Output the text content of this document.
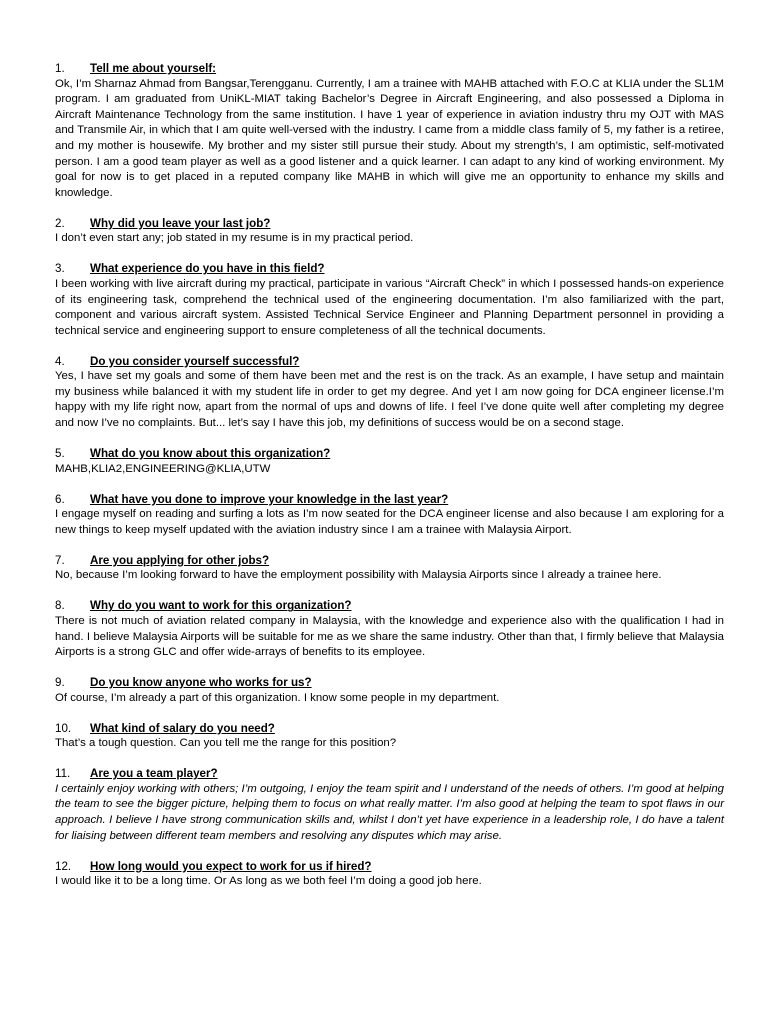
1.	Tell me about yourself:
Ok, I’m Sharnaz Ahmad from Bangsar,Terengganu. Currently, I am a trainee with MAHB attached with F.O.C at KLIA under the SL1M program. I am graduated from UniKL-MIAT taking Bachelor’s Degree in Aircraft Engineering, and also possessed a Diploma in Aircraft Maintenance Technology from the same institution. I have 1 year of experience in aviation industry thru my OJT with MAS and Transmile Air, in which that I am quite well-versed with the industry. I came from a middle class family of 5, my father is a retiree, and my mother is housewife. My brother and my sister still pursue their study. About my strength’s, I am optimistic, self-motivated person. I am a good team player as well as a good listener and a quick learner. I can adapt to any kind of working environment. My goal for now is to get placed in a reputed company like MAHB in which will give me an opportunity to enhance my skills and knowledge.
2.	Why did you leave your last job?
I don’t even start any; job stated in my resume is in my practical period.
3.	What experience do you have in this field?
I been working with live aircraft during my practical, participate in various “Aircraft Check” in which I possessed hands-on experience of its engineering task, comprehend the technical used of the engineering documentation. I’m also familiarized with the part, component and various aircraft system. Assisted Technical Service Engineer and Planning Department personnel in providing a technical service and engineering support to ensure completeness of all the technical documents.
4.	Do you consider yourself successful?
Yes, I have set my goals and some of them have been met and the rest is on the track. As an example, I have setup and maintain my business while balanced it with my student life in order to get my degree. And yet I am now going for DCA engineer license.I’m happy with my life right now, apart from the normal of ups and downs of life. I feel I’ve done quite well after completing my degree and now I’ve no complaints. But... let’s say I have this job, my definitions of success would be on a second stage.
5.	What do you know about this organization?
MAHB,KLIA2,ENGINEERING@KLIA,UTW
6.	What have you done to improve your knowledge in the last year?
I engage myself on reading and surfing a lots as I’m now seated for the DCA engineer license and also because I am exploring for a new things to keep myself updated with the aviation industry since I am a trainee with Malaysia Airport.
7.	Are you applying for other jobs?
No, because I’m looking forward to have the employment possibility with Malaysia Airports since I already a trainee here.
8.	Why do you want to work for this organization?
There is not much of aviation related company in Malaysia, with the knowledge and experience also with the qualification I had in hand. I believe Malaysia Airports will be suitable for me as we share the same industry. Other than that, I firmly believe that Malaysia Airports is a strong GLC and offer wide-arrays of benefits to its employee.
9.	Do you know anyone who works for us?
Of course, I’m already a part of this organization. I know some people in my department.
10.	What kind of salary do you need?
That’s a tough question. Can you tell me the range for this position?
11.	Are you a team player?
I certainly enjoy working with others; I’m outgoing, I enjoy the team spirit and I understand of the needs of others. I’m good at helping the team to see the bigger picture, helping them to focus on what really matter. I’m also good at helping the team to spot flaws in our approach. I believe I have strong communication skills and, whilst I don’t yet have experience in a leadership role, I do have a talent for liaising between different team members and resolving any disputes which may arise.
12.	How long would you expect to work for us if hired?
I would like it to be a long time. Or As long as we both feel I’m doing a good job here.
